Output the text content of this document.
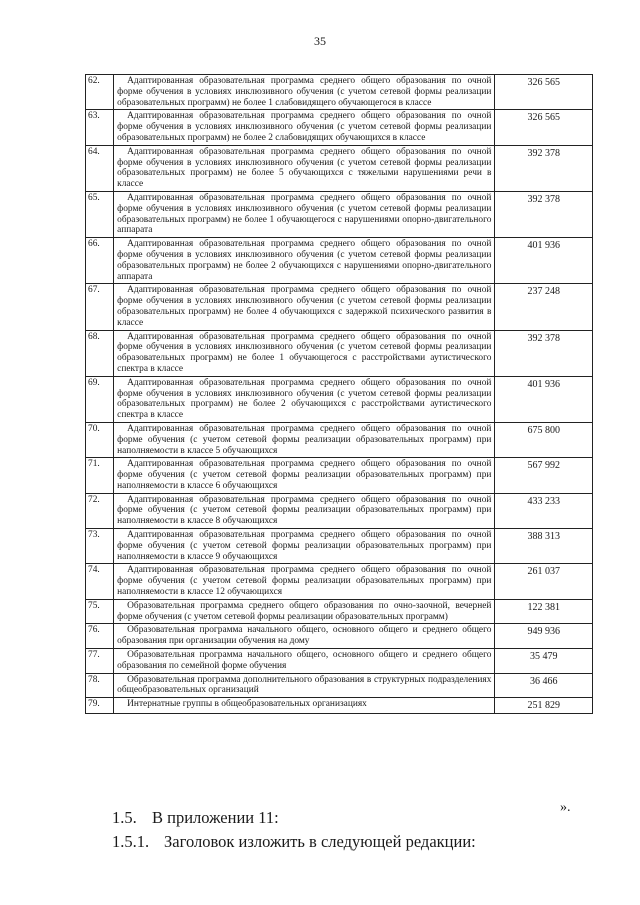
35
62.	Адаптированная образовательная программа среднего общего образования по очной форме обучения в условиях инклюзивного обучения (с учетом сетевой формы реализации образовательных программ) не более 1 слабовидящего обучающегося в классе	326 565
63.	Адаптированная образовательная программа среднего общего образования по очной форме обучения в условиях инклюзивного обучения (с учетом сетевой формы реализации образовательных программ) не более 2 слабовидящих обучающихся в классе	326 565
64.	Адаптированная образовательная программа среднего общего образования по очной форме обучения в условиях инклюзивного обучения (с учетом сетевой формы реализации образовательных программ) не более 5 обучающихся с тяжелыми нарушениями речи в классе	392 378
65.	Адаптированная образовательная программа среднего общего образования по очной форме обучения в условиях инклюзивного обучения (с учетом сетевой формы реализации образовательных программ) не более 1 обучающегося с нарушениями опорно-двигательного аппарата	392 378
66.	Адаптированная образовательная программа среднего общего образования по очной форме обучения в условиях инклюзивного обучения (с учетом сетевой формы реализации образовательных программ) не более 2 обучающихся с нарушениями опорно-двигательного аппарата	401 936
67.	Адаптированная образовательная программа среднего общего образования по очной форме обучения в условиях инклюзивного обучения (с учетом сетевой формы реализации образовательных программ) не более 4 обучающихся с задержкой психического развития в классе	237 248
68.	Адаптированная образовательная программа среднего общего образования по очной форме обучения в условиях инклюзивного обучения (с учетом сетевой формы реализации образовательных программ) не более 1 обучающегося с расстройствами аутистического спектра в классе	392 378
69.	Адаптированная образовательная программа среднего общего образования по очной форме обучения в условиях инклюзивного обучения (с учетом сетевой формы реализации образовательных программ) не более 2 обучающихся с расстройствами аутистического спектра в классе	401 936
70.	Адаптированная образовательная программа среднего общего образования по очной форме обучения (с учетом сетевой формы реализации образовательных программ) при наполняемости в классе 5 обучающихся	675 800
71.	Адаптированная образовательная программа среднего общего образования по очной форме обучения (с учетом сетевой формы реализации образовательных программ) при наполняемости в классе 6 обучающихся	567 992
72.	Адаптированная образовательная программа среднего общего образования по очной форме обучения (с учетом сетевой формы реализации образовательных программ) при наполняемости в классе 8 обучающихся	433 233
73.	Адаптированная образовательная программа среднего общего образования по очной форме обучения (с учетом сетевой формы реализации образовательных программ) при наполняемости в классе 9 обучающихся	388 313
74.	Адаптированная образовательная программа среднего общего образования по очной форме обучения (с учетом сетевой формы реализации образовательных программ) при наполняемости в классе 12 обучающихся	261 037
75.	Образовательная программа среднего общего образования по очно-заочной, вечерней форме обучения (с учетом сетевой формы реализации образовательных программ)	122 381
76.	Образовательная программа начального общего, основного общего и среднего общего образования при организации обучения на дому	949 936
77.	Образовательная программа начального общего, основного общего и среднего общего образования по семейной форме обучения	35 479
78.	Образовательная программа дополнительного образования в структурных подразделениях общеобразовательных организаций	36 466
79.	Интернатные группы в общеобразовательных организациях	251 829
».
1.5. В приложении 11:
1.5.1. Заголовок изложить в следующей редакции:
